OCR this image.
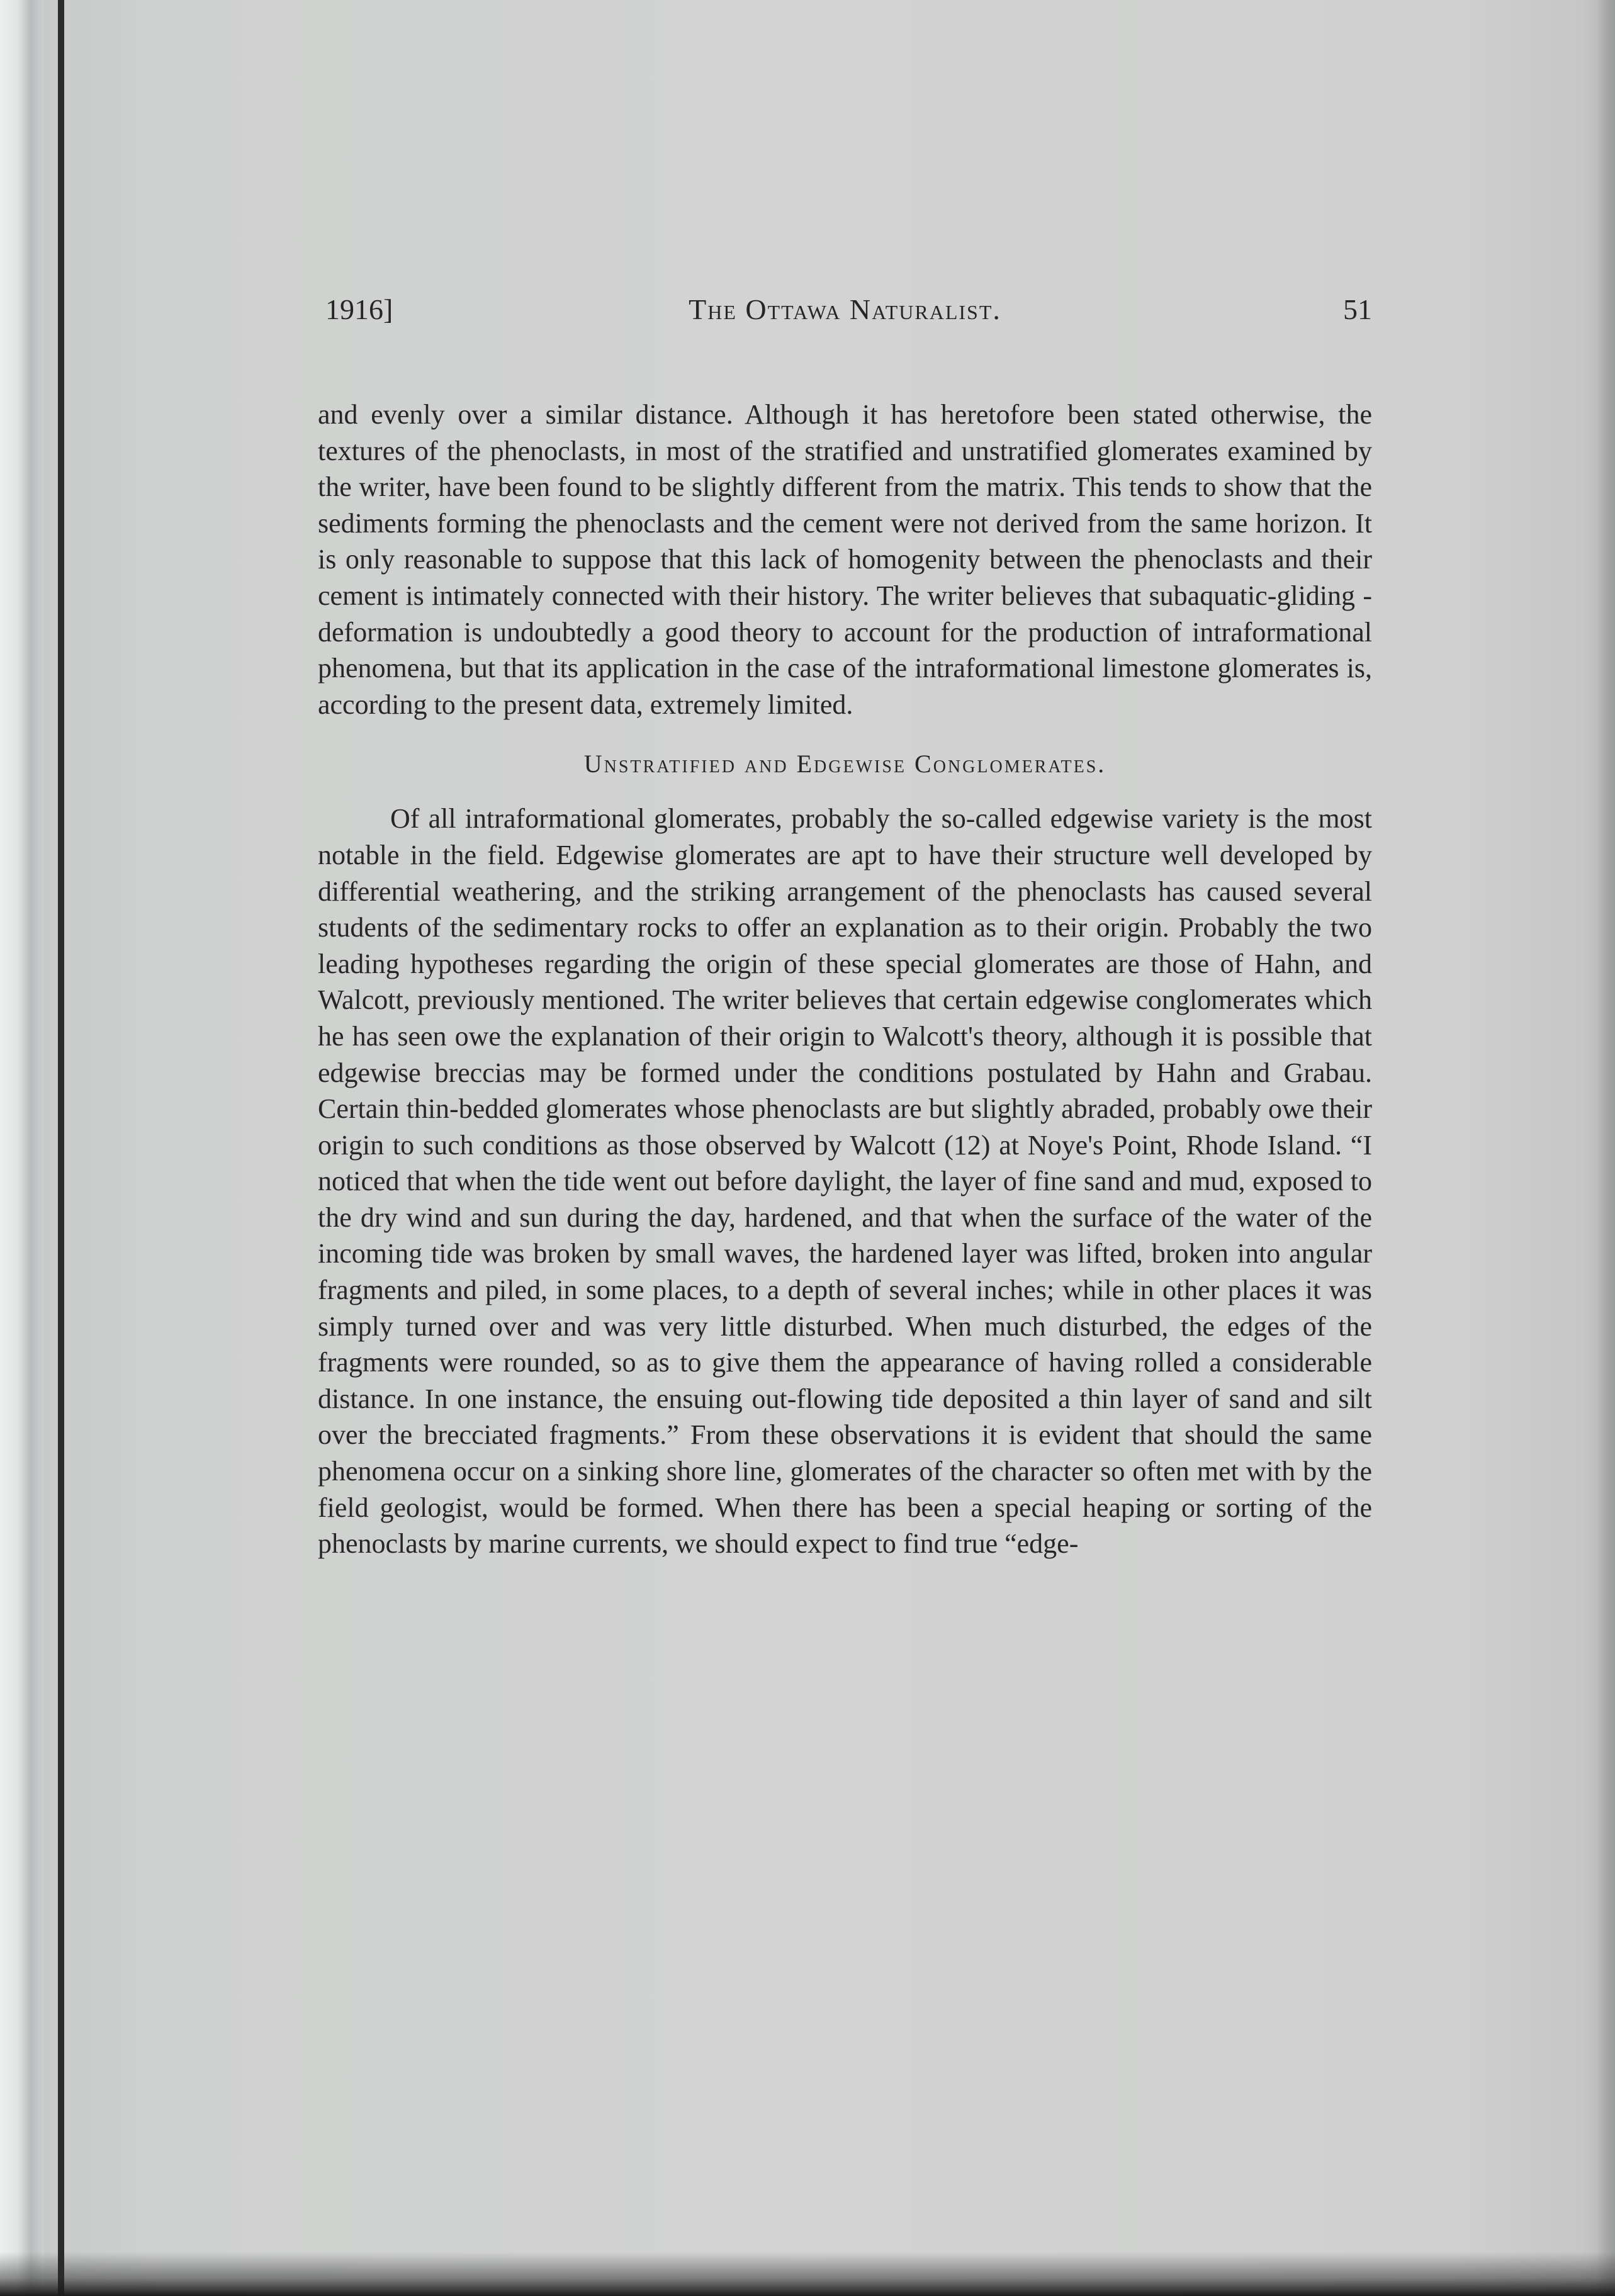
1916]	The Ottawa Naturalist.	51

and evenly over a similar distance. Although it has heretofore been stated otherwise, the textures of the phenoclasts, in most of the stratified and unstratified glomerates examined by the writer, have been found to be slightly different from the matrix. This tends to show that the sediments forming the phenoclasts and the cement were not derived from the same horizon. It is only reasonable to suppose that this lack of homogenity between the phenoclasts and their cement is intimately connected with their history. The writer believes that subaquatic-gliding -deformation is undoubtedly a good theory to account for the production of intraformational phenomena, but that its application in the case of the intraformational limestone glomerates is, according to the present data, extremely limited.

Unstratified and Edgewise Conglomerates.

Of all intraformational glomerates, probably the so-called edgewise variety is the most notable in the field. Edgewise glomerates are apt to have their structure well developed by differential weathering, and the striking arrangement of the phenoclasts has caused several students of the sedimentary rocks to offer an explanation as to their origin. Probably the two leading hypotheses regarding the origin of these special glomerates are those of Hahn, and Walcott, previously mentioned. The writer believes that certain edgewise conglomerates which he has seen owe the explanation of their origin to Walcott's theory, although it is possible that edgewise breccias may be formed under the conditions postulated by Hahn and Grabau. Certain thin-bedded glomerates whose phenoclasts are but slightly abraded, probably owe their origin to such conditions as those observed by Walcott (12) at Noye's Point, Rhode Island. “I noticed that when the tide went out before daylight, the layer of fine sand and mud, exposed to the dry wind and sun during the day, hardened, and that when the surface of the water of the incoming tide was broken by small waves, the hardened layer was lifted, broken into angular fragments and piled, in some places, to a depth of several inches; while in other places it was simply turned over and was very little disturbed. When much disturbed, the edges of the fragments were rounded, so as to give them the appearance of having rolled a considerable distance. In one instance, the ensuing out-flowing tide deposited a thin layer of sand and silt over the brecciated fragments.” From these observations it is evident that should the same phenomena occur on a sinking shore line, glomerates of the character so often met with by the field geologist, would be formed. When there has been a special heaping or sorting of the phenoclasts by marine currents, we should expect to find true “edge-
